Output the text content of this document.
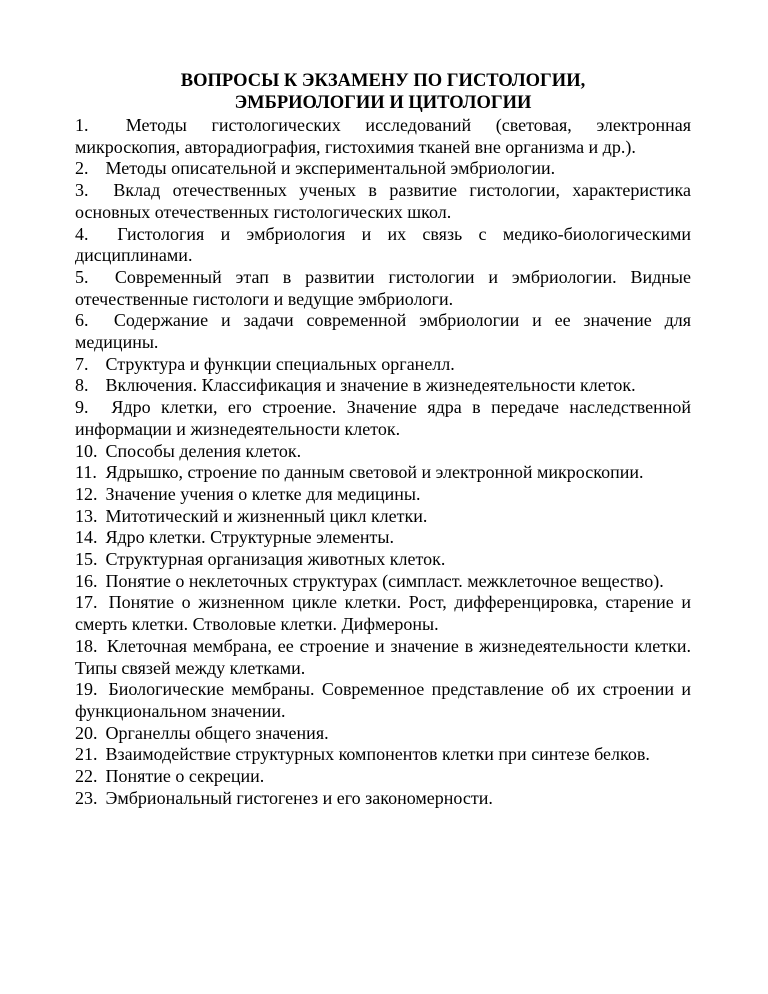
ВОПРОСЫ К ЭКЗАМЕНУ ПО ГИСТОЛОГИИ,
ЭМБРИОЛОГИИ И ЦИТОЛОГИИ
1. Методы гистологических исследований (световая, электронная микроскопия, авторадиография, гистохимия тканей вне организма и др.).
2. Методы описательной и экспериментальной эмбриологии.
3. Вклад отечественных ученых в развитие гистологии, характеристика основных отечественных гистологических школ.
4. Гистология и эмбриология и их связь с медико-биологическими дисциплинами.
5. Современный этап в развитии гистологии и эмбриологии. Видные отечественные гистологи и ведущие эмбриологи.
6. Содержание и задачи современной эмбриологии и ее значение для медицины.
7. Структура и функции специальных органелл.
8. Включения. Классификация и значение в жизнедеятельности клеток.
9. Ядро клетки, его строение. Значение ядра в передаче наследственной информации и жизнедеятельности клеток.
10. Способы деления клеток.
11. Ядрышко, строение по данным световой и электронной микроскопии.
12. Значение учения о клетке для медицины.
13. Митотический и жизненный цикл клетки.
14. Ядро клетки. Структурные элементы.
15. Структурная организация животных клеток.
16. Понятие о неклеточных структурах (симпласт. межклеточное вещество).
17. Понятие о жизненном цикле клетки. Рост, дифференцировка, старение и смерть клетки. Стволовые клетки. Дифмероны.
18. Клеточная мембрана, ее строение и значение в жизнедеятельности клетки. Типы связей между клетками.
19. Биологические мембраны. Современное представление об их строении и функциональном значении.
20. Органеллы общего значения.
21. Взаимодействие структурных компонентов клетки при синтезе белков.
22. Понятие о секреции.
23. Эмбриональный гистогенез и его закономерности.
